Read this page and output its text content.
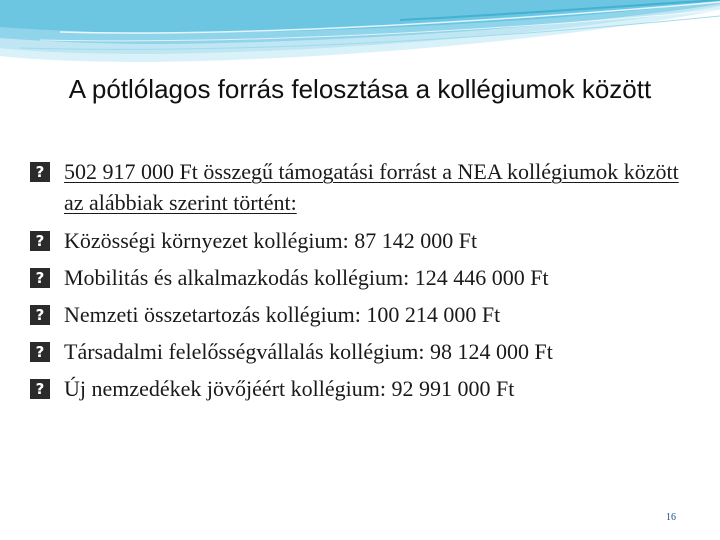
A pótlólagos forrás felosztása a kollégiumok között
? 502 917 000 Ft összegű támogatási forrást a NEA kollégiumok között az alábbiak szerint történt:
? Közösségi környezet kollégium: 87 142 000 Ft
? Mobilitás és alkalmazkodás kollégium: 124 446 000 Ft
? Nemzeti összetartozás kollégium: 100 214 000 Ft
? Társadalmi felelősségvállalás kollégium: 98 124 000 Ft
? Új nemzedékek jövőjéért kollégium: 92 991 000 Ft
16
